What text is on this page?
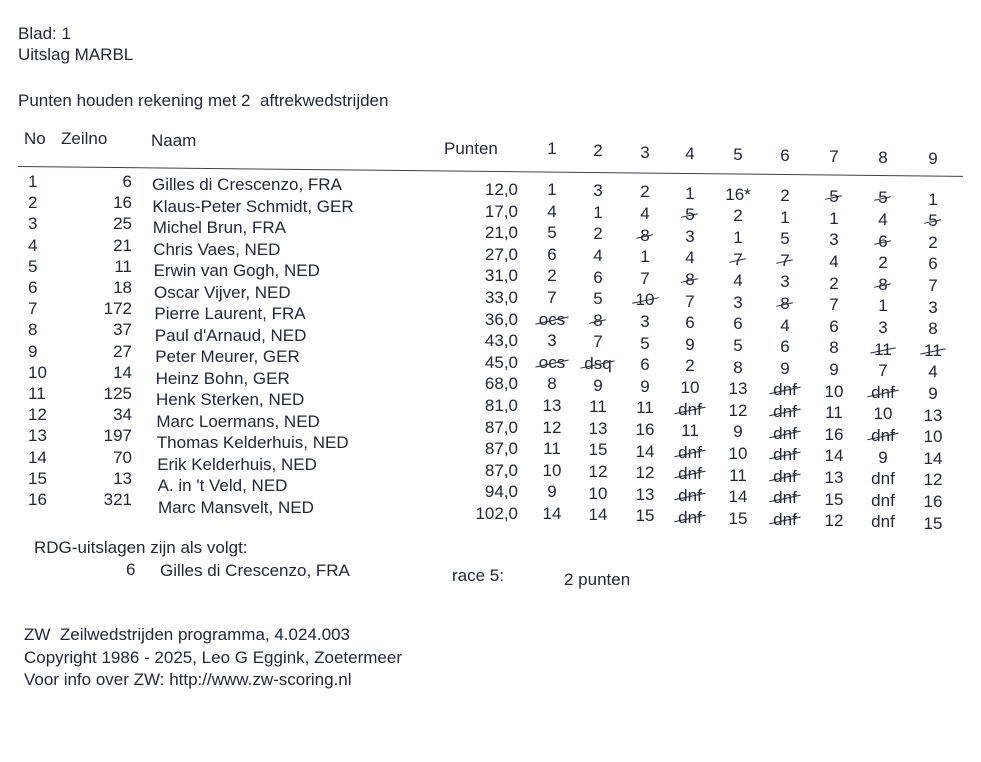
Blad: 1
Uitslag MARBL
Punten houden rekening met 2  aftrekwedstrijden
No Zeilno	Naam	Punten	1	2	3	4	5	6	7	8	9
1	6 Gilles di Crescenzo, FRA	12,0	1	3	2	1	16*	2	5	5	1
2	16 Klaus-Peter Schmidt, GER	17,0	4	1	4	5	2	1	1	4	5
3	25 Michel Brun, FRA	21,0	5	2	8	3	1	5	3	6	2
4	21 Chris Vaes, NED	27,0	6	4	1	4	7	7	4	2	6
5	11 Erwin van Gogh, NED	31,0	2	6	7	8	4	3	2	8	7
6	18 Oscar Vijver, NED	33,0	7	5	10	7	3	8	7	1	3
7	172 Pierre Laurent, FRA	36,0	ocs	8	3	6	6	4	6	3	8
8	37 Paul d'Arnaud, NED	43,0	3	7	5	9	5	6	8	11	11
9	27 Peter Meurer, GER	45,0	ocs	dsq	6	2	8	9	9	7	4
10	14 Heinz Bohn, GER	68,0	8	9	9	10	13	dnf	10	dnf	9
11	125 Henk Sterken, NED	81,0	13	11	11	dnf	12	dnf	11	10	13
12	34 Marc Loermans, NED	87,0	12	13	16	11	9	dnf	16	dnf	10
13	197 Thomas Kelderhuis, NED	87,0	11	15	14	dnf	10	dnf	14	9	14
14	70 Erik Kelderhuis, NED	87,0	10	12	12	dnf	11	dnf	13	dnf	12
15	13 A. in 't Veld, NED	94,0	9	10	13	dnf	14	dnf	15	dnf	16
16	321 Marc Mansvelt, NED	102,0	14	14	15	dnf	15	dnf	12	dnf	15
RDG-uitslagen zijn als volgt:
6 Gilles di Crescenzo, FRA	race 5:	2 punten
ZW  Zeilwedstrijden programma, 4.024.003
Copyright 1986 - 2025, Leo G Eggink, Zoetermeer
Voor info over ZW: http://www.zw-scoring.nl
